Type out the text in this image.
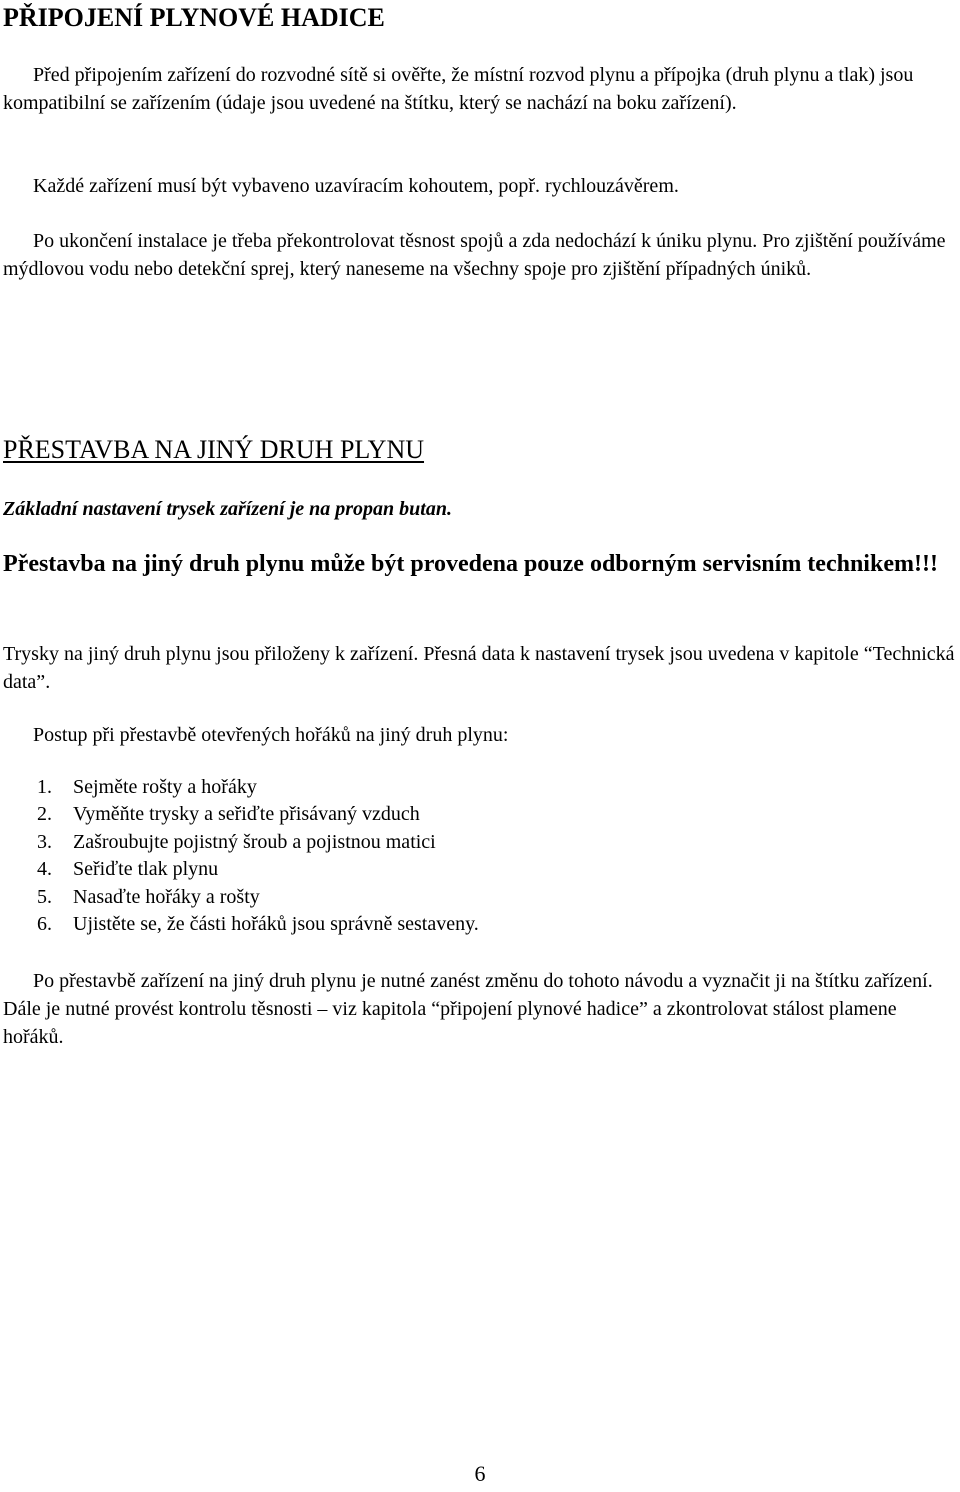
PŘIPOJENÍ PLYNOVÉ HADICE

Před připojením zařízení do rozvodné sítě si ověřte, že místní rozvod plynu a přípojka (druh plynu a tlak) jsou kompatibilní se zařízením (údaje jsou uvedené na štítku, který se nachází na boku zařízení).

Každé zařízení musí být vybaveno uzavíracím kohoutem, popř. rychlouzávěrem.

Po ukončení instalace je třeba překontrolovat těsnost spojů a zda nedochází k úniku plynu. Pro zjištění používáme mýdlovou vodu nebo detekční sprej, který naneseme na všechny spoje pro zjištění případných úniků.

PŘESTAVBA NA JINÝ DRUH PLYNU

Základní nastavení trysek zařízení je na propan butan.

Přestavba na jiný druh plynu může být provedena pouze odborným servisním technikem!!!

Trysky na jiný druh plynu jsou přiloženy k zařízení. Přesná data k nastavení trysek jsou uvedena v kapitole “Technická data”.

Postup při přestavbě otevřených hořáků na jiný druh plynu:

1. Sejměte rošty a hořáky
2. Vyměňte trysky a seřiďte přisávaný vzduch
3. Zašroubujte pojistný šroub a pojistnou matici
4. Seřiďte tlak plynu
5. Nasaďte hořáky a rošty
6. Ujistěte se, že části hořáků jsou správně sestaveny.

Po přestavbě zařízení na jiný druh plynu je nutné zanést změnu do tohoto návodu a vyznačit ji na štítku zařízení. Dále je nutné provést kontrolu těsnosti – viz kapitola “připojení plynové hadice” a zkontrolovat stálost plamene hořáků.

6
